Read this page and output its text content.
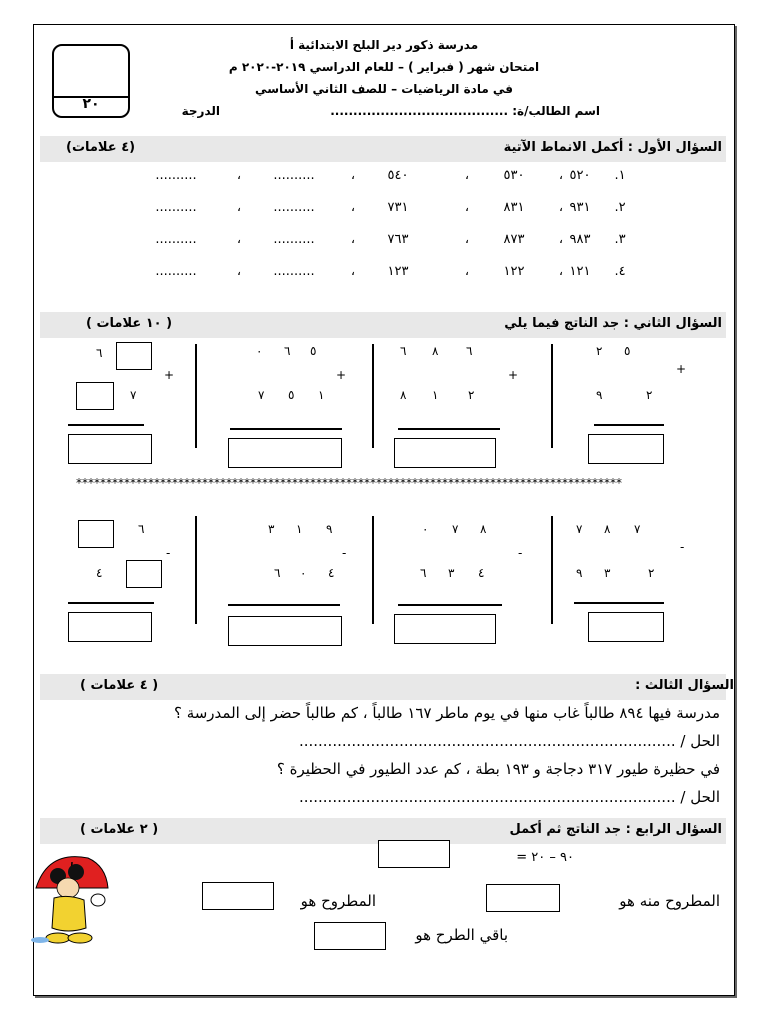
مدرسة ذكور دير البلح الابتدائية أ
امتحان شهر ( فبراير ) – للعام الدراسي ٢٠١٩-٢٠٢٠ م
في مادة الرياضيات – للصف الثاني الأساسي
اسم الطالب/ة: .......................................
الدرجة
٢٠
السؤال الأول : أكمل الانماط الآتية
(٤ علامات)
١.
٥٢٠
،
٥٣٠
،
٥٤٠
،
..........
،
..........
٢.
٩٣١
،
٨٣١
،
٧٣١
،
..........
،
..........
٣.
٩٨٣
،
٨٧٣
،
٧٦٣
،
..........
،
..........
٤.
١٢١
،
١٢٢
،
١٢٣
،
..........
،
..........
السؤال الثاني : جد الناتج فيما يلي
( ١٠ علامات )
٢ ٥
+
٩	٢
٦ ٨ ٦
+
٨ ١ ٢
٠ ٦ ٥
+
٧ ٥ ١
٦
+
٧
*******************************************************************************************
٧ ٨ ٧
-
٩ ٣	٢
٠ ٧ ٨
-
٦ ٣ ٤
٣ ١ ٩
-
٦ ٠ ٤
٦
-
٤
السؤال الثالث :
( ٤ علامات )
مدرسة فيها ٨٩٤ طالباً غاب منها في يوم ماطر ١٦٧ طالباً ، كم طالباً حضر إلى المدرسة ؟
الحل / ...............................................................................
في حظيرة طيور ٣١٧ دجاجة و ١٩٣ بطة ، كم عدد الطيور في الحظيرة ؟
الحل / ...............................................................................
السؤال الرابع : جد الناتج ثم أكمل
( ٢ علامات )
٩٠ – ٢٠ =
المطروح منه هو
المطروح هو
باقي الطرح هو
